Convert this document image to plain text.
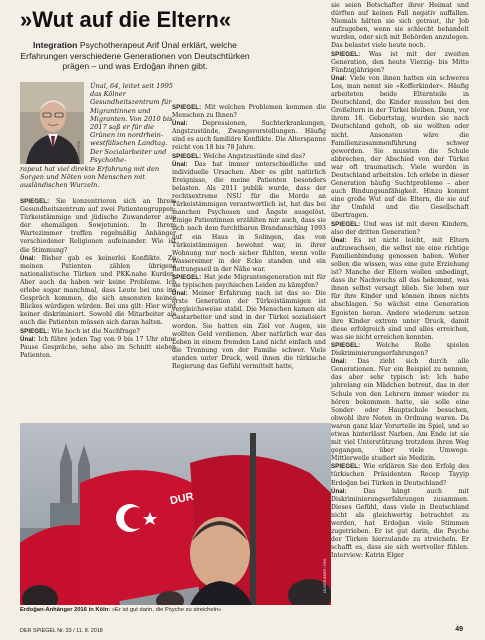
»Wut auf die Eltern«
Integration Psychotherapeut Arif Ünal erklärt, welche Erfahrungen verschiedene Generationen von Deutschtürken prägen – und was Erdoğan ihnen gibt.
CELIA PRÜN
Ünal, 64, leitet seit 1995 das Kölner Gesundheitszentrum für Migrantinnen und Migranten. Von 2010 bis 2017 saß er für die Grünen im nordrhein-westfälischen Landtag. Der Sozialarbeiter und Psychothe-
rapeut hat viel direkte Erfahrung mit den Sorgen und Nöten von Menschen mit ausländischen Wurzeln.

SPIEGEL: Sie konzentrieren sich an Ihrem Gesundheitszentrum auf zwei Patientengruppen: Türkeistämmige und jüdische Zuwanderer aus der ehemaligen Sowjetunion. In Ihrem Wartezimmer treffen regelmäßig Anhänger verschiedener Religionen aufeinander. Wie ist die Stimmung?

Ünal: Bisher gab es keinerlei Konflikte. Zu meinen Patienten zählen übrigens nationalistische Türken und PKK-nahe Kurden. Aber auch da haben wir keine Probleme. Ich erlebe sogar manchmal, dass Leute bei uns ins Gespräch kommen, die sich ansonsten keines Blickes würdigen würden. Bei uns gilt: Hier wird keiner diskriminiert. Sowohl die Mitarbeiter als auch die Patienten müssen sich daran halten.

SPIEGEL: Wie hoch ist die Nachfrage?

Ünal: Ich führe jeden Tag von 9 bis 17 Uhr ohne Pause Gespräche, sehe also im Schnitt sieben Patienten.

SPIEGEL: Mit welchen Problemen kommen die Menschen zu Ihnen?

Ünal: Depressionen, Suchterkrankungen, Angstzustände, Zwangsvorstellungen. Häufig sind es auch familiäre Konflikte. Die Alterspanne reicht von 18 bis 78 Jahre.

SPIEGEL: Welche Angstzustände sind das?

Ünal: Das hat immer unterschiedliche und individuelle Ursachen. Aber es gibt natürlich Ereignisse, die meine Patienten besonders belasten. Als 2011 publik wurde, dass der rechtsextreme NSU für die Morde an Türkeistämmigen verantwortlich ist, hat das bei manchen Psychosen und Ängste ausgelöst. Einige Patientinnen erzählten mir auch, dass sie sich nach dem furchtbaren Brandanschlag 1993 auf ein Haus in Solingen, das von Türkeistämmigen bewohnt war, in ihrer Wohnung nur noch sicher fühlten, wenn volle Wassereimer in der Ecke standen und ein Rettungsseil in der Nähe war.

SPIEGEL: Hat jede Migrantengeneration mit für sie typischen psychischen Leiden zu kämpfen?

Ünal: Meiner Erfahrung nach ist das so: Die erste Generation der Türkeistämmigen ist vergleichsweise stabil. Die Menschen kamen als Gastarbeiter und sind in der Türkei sozialisiert worden. Sie hatten ein Ziel vor Augen, sie wollten Geld verdienen. Aber natürlich war das Leben in einem fremden Land nicht einfach und die Trennung von der Familie schwer. Viele standen unter Druck, weil ihnen die türkische Regierung das Gefühl vermittelt hatte,

sie seien Botschafter ihrer Heimat und dürften auf keinen Fall negativ auffallen. Niemals hätten sie sich getraut, ihr Job aufzugeben, wenn sie schlecht behandelt wurden, oder sich mit Behörden anzulegen. Das belastet viele heute noch.

SPIEGEL: Was ist mit der zweiten Generation, den heute Vierzig- bis Mitte Fünfzigjährigen?

Ünal: Viele von ihnen hatten ein schweres Los, man nennt sie »Kofferkinder«. Häufig arbeiteten beide Elternteile in Deutschland, die Kinder mussten bei den Großeltern in der Türkei bleiben. Dann, vor ihrem 18. Geburtstag, wurden sie nach Deutschland geholt, ob sie wollten oder nicht. Ansonsten wäre die Familienzusammenführung schwer geworden. Sie mussten die Schule abbrechen, der Abschied von der Türkei war oft traumatisch. Viele wurden in Deutschland arbeitslos. Ich erlebe in dieser Generation häufig Suchtprobleme – aber auch Bindungsunfähigkeit. Hinzu kommt eine große Wut auf die Eltern, die sie auf ihr Umfeld und die Gesellschaft übertragen.

SPIEGEL: Und was ist mit deren Kindern, also der dritten Generation?

Ünal: Es ist nicht leicht, mit Eltern aufzuwachsen, die selbst nie eine richtige Familienbindung genossen haben. Woher sollen die wissen, was eine gute Erziehung ist? Manche der Eltern wollen unbedingt, dass ihr Nachwuchs all das bekommt, was ihnen selbst versagt blieb. Sie leben nur für ihre Kinder und können ihnen nichts abschlagen. So wächst eine Generation Egoisten heran. Andere wiederum setzen ihre Kinder extrem unter Druck, damit diese erfolgreich sind und alles erreichen, was sie nicht erreichen konnten.

SPIEGEL:	Welche Rolle spielen Diskriminierungserfahrungen?

Ünal: Das zieht sich durch alle Generationen. Nur ein Beispiel zu nennen, das aber sehr typisch ist: Ich habe jahrelang ein Mädchen betreut, das in der Schule von den Lehrern immer wieder zu hören bekommen hatte, sie solle eine Sonder- oder Hauptschule besuchen, obwohl ihre Noten in Ordnung waren. Da waren ganz klar Vorurteile im Spiel, und so etwas hinterlässt Narben. Am Ende ist sie mit viel Unterstützung trotzdem ihren Weg gegangen, über viele Umwege. Mittlerweile studiert sie Medizin.

SPIEGEL: Wie erklären Sie den Erfolg des türkischen Präsidenten Recep Tayyip Erdoğan bei Türken in Deutschland?

Ünal:	Das hängt auch mit Diskriminierungserfahrungen zusammen. Dieses Gefühl, dass viele in Deutschland nicht als gleichwertig betrachtet zu werden, hat Erdoğan viele Stimmen zugetrieben. Er ist gut darin, die Psyche der Türken hierzulande zu streicheln. Er schafft es, dass sie sich wertvoller fühlen. Interview: Katrin Elger

DUR
OLIVER BERG / DPA
Erdoğan-Anhänger 2016 in Köln: »Er ist gut darin, die Psyche zu streicheln«
DER SPIEGEL Nr. 33 / 11. 8. 2018	49
